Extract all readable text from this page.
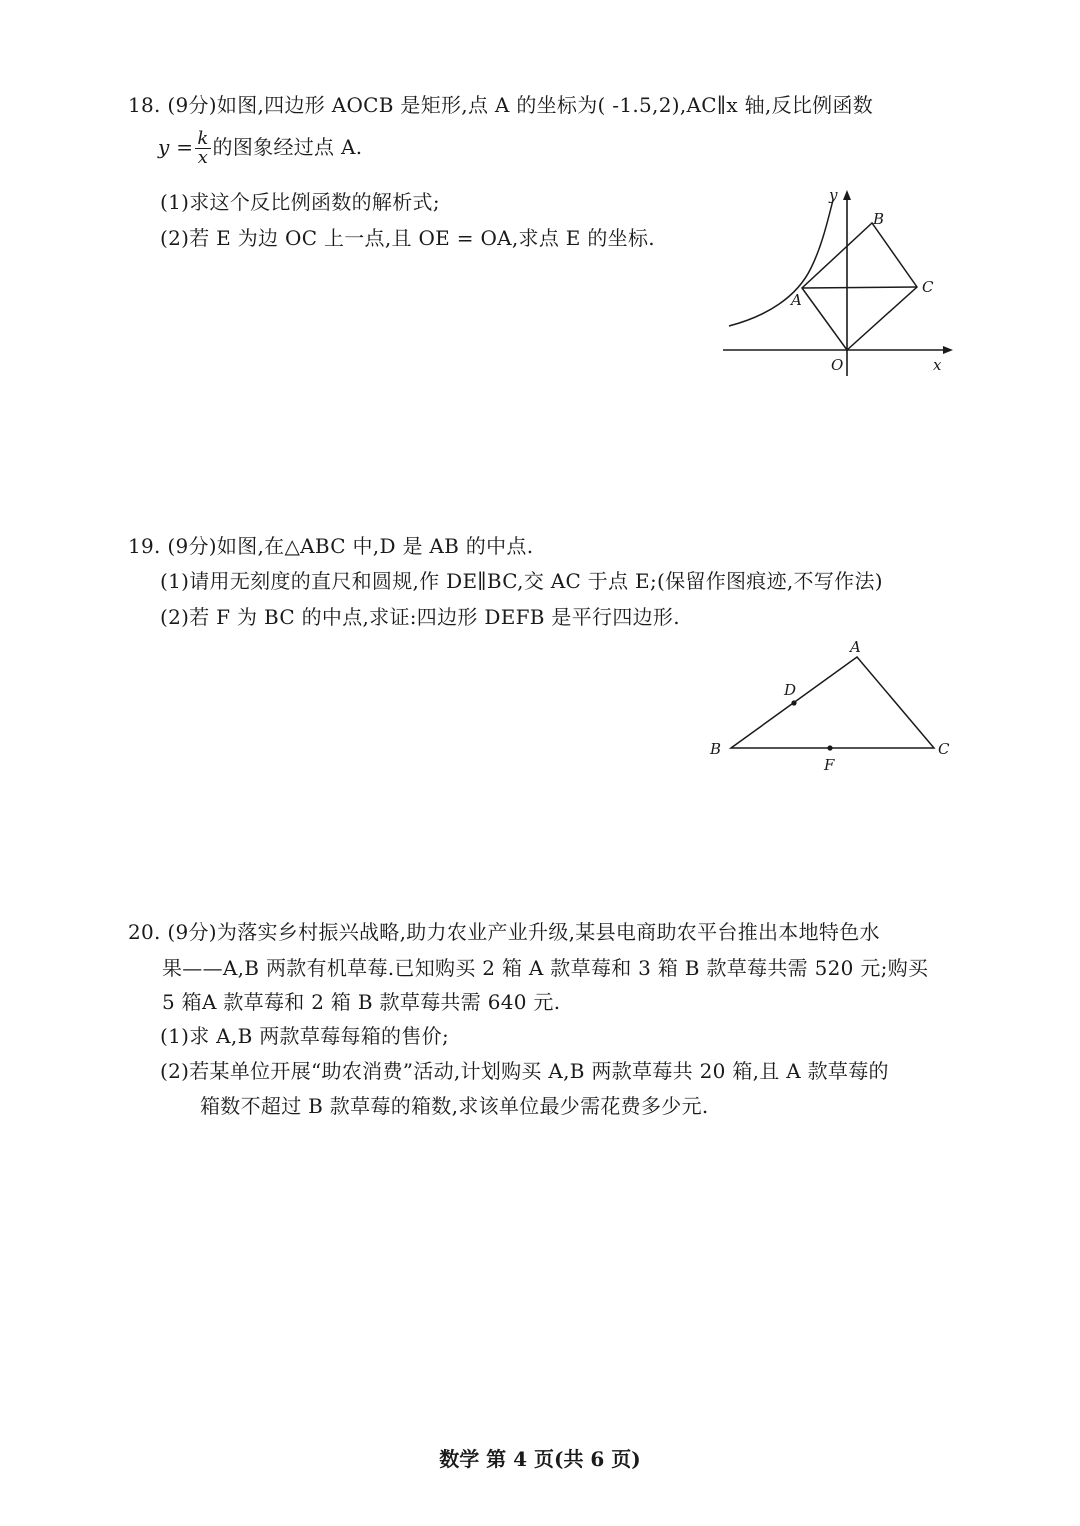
18. (9分)如图,四边形 AOCB 是矩形,点 A 的坐标为( -1.5,2),AC∥x 轴,反比例函数
$y = \frac{k}{x}$ 的图象经过点 A.
(1)求这个反比例函数的解析式;
(2)若 E 为边 OC 上一点,且 OE = OA,求点 E 的坐标.
y
B
C
A
O	x
19. (9分)如图,在△ABC 中,D 是 AB 的中点.
(1)请用无刻度的直尺和圆规,作 DE∥BC,交 AC 于点 E;(保留作图痕迹,不写作法)
(2)若 F 为 BC 的中点,求证:四边形 DEFB 是平行四边形.
A
D
B	C
F
20. (9分)为落实乡村振兴战略,助力农业产业升级,某县电商助农平台推出本地特色水
果——A,B 两款有机草莓.已知购买 2 箱 A 款草莓和 3 箱 B 款草莓共需 520 元;购买
5 箱A 款草莓和 2 箱 B 款草莓共需 640 元.
(1)求 A,B 两款草莓每箱的售价;
(2)若某单位开展“助农消费”活动,计划购买 A,B 两款草莓共 20 箱,且 A 款草莓的
箱数不超过 B 款草莓的箱数,求该单位最少需花费多少元.
数学 第 4 页(共 6 页)
